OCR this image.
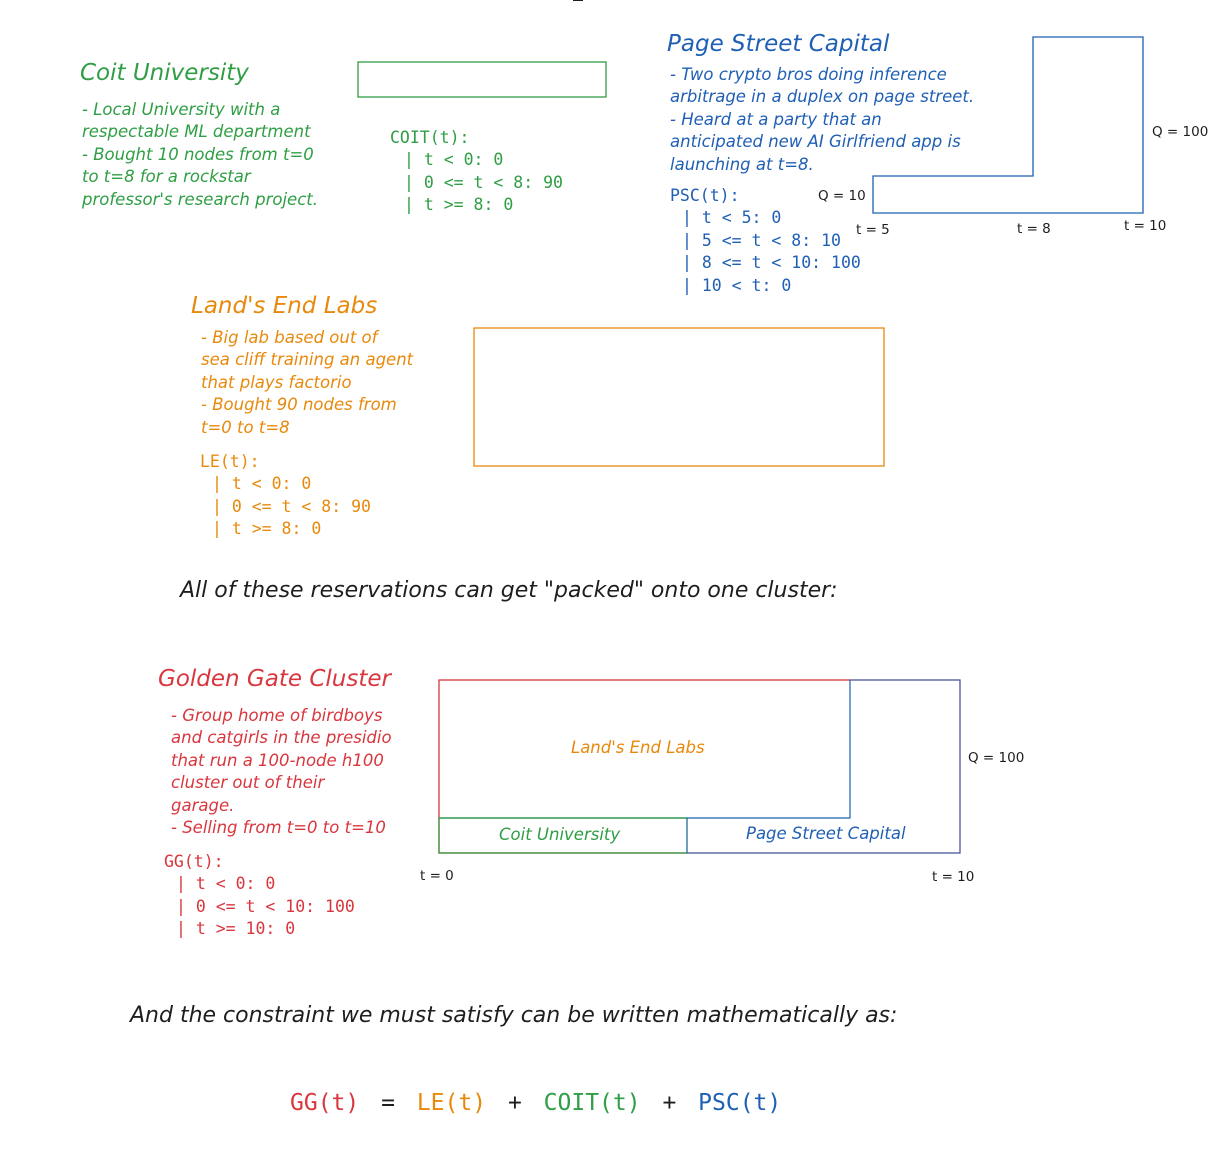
Coit University
- Local University with a
respectable ML department
- Bought 10 nodes from t=0
to t=8 for a rockstar
professor's research project.
COIT(t):
| t < 0: 0
| 0 <= t < 8: 90
| t >= 8: 0
Page Street Capital
- Two crypto bros doing inference
arbitrage in a duplex on page street.
- Heard at a party that an
anticipated new AI Girlfriend app is
launching at t=8.
PSC(t):
| t < 5: 0
| 5 <= t < 8: 10
| 8 <= t < 10: 100
| 10 < t: 0
Q = 10
Q = 100
t = 5	t = 8	t = 10
Land's End Labs
- Big lab based out of
sea cliff training an agent
that plays factorio
- Bought 90 nodes from
t=0 to t=8
LE(t):
| t < 0: 0
| 0 <= t < 8: 90
| t >= 8: 0
All of these reservations can get "packed" onto one cluster:
Golden Gate Cluster
- Group home of birdboys
and catgirls in the presidio
that run a 100-node h100
cluster out of their
garage.
- Selling from t=0 to t=10
GG(t):
| t < 0: 0
| 0 <= t < 10: 100
| t >= 10: 0
Land's End Labs
Coit University	Page Street Capital
Q = 100
t = 0	t = 10
And the constraint we must satisfy can be written mathematically as:
GG(t) = LE(t) + COIT(t) + PSC(t)
